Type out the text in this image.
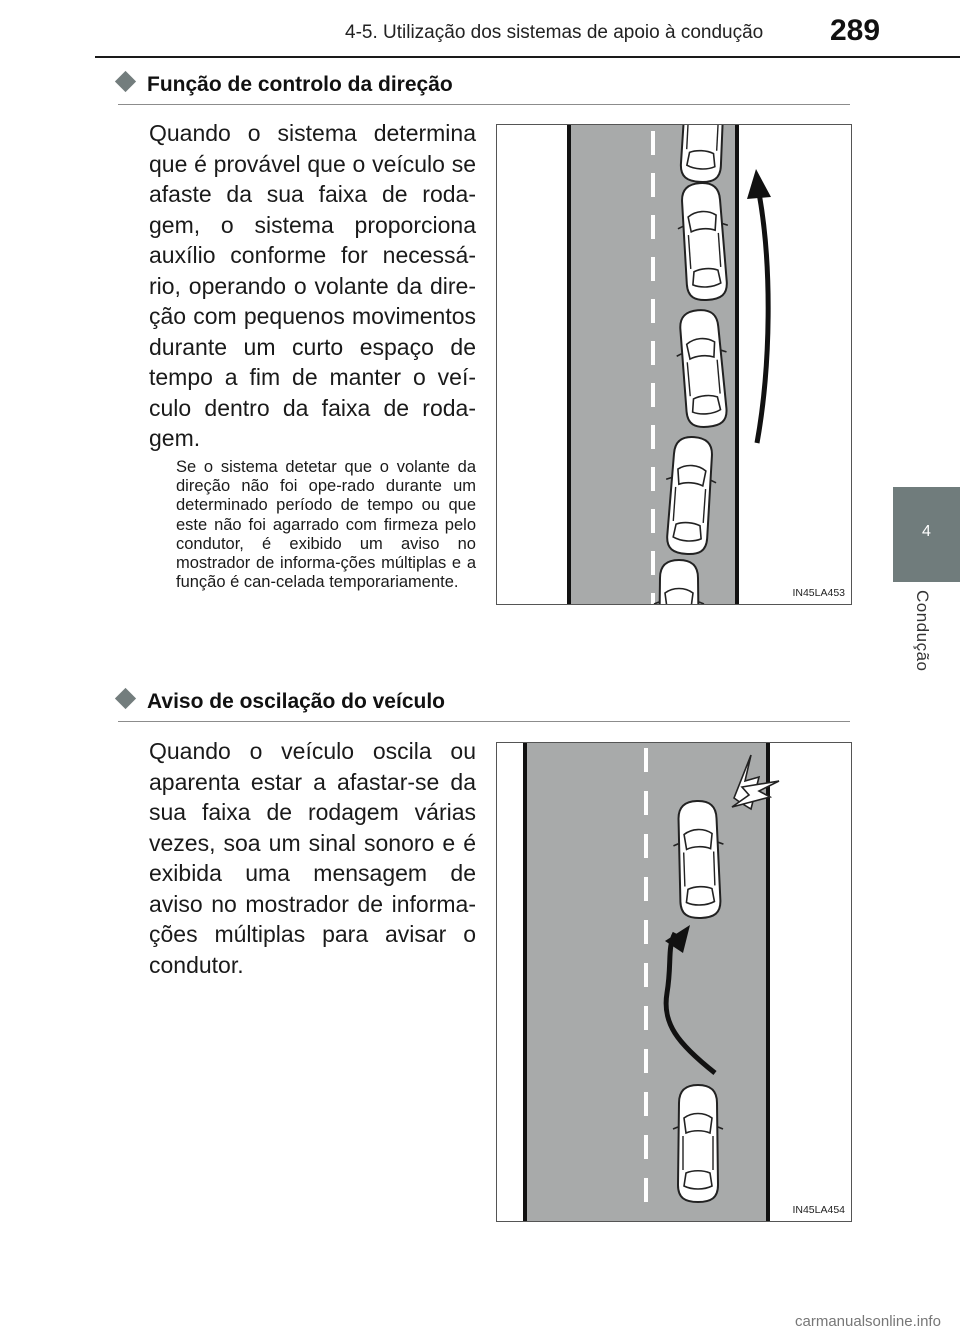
4-5. Utilização dos sistemas de apoio à condução 289
4
Condução
Função de controlo da direção

Quando o sistema determina que é provável que o veículo se afaste da sua faixa de roda-gem, o sistema proporciona auxílio conforme for necessá-rio, operando o volante da dire-ção com pequenos movimentos durante um curto espaço de tempo a fim de manter o veí-culo dentro da faixa de roda-gem.

Se o sistema detetar que o volante da direção não foi ope-rado durante um determinado período de tempo ou que este não foi agarrado com firmeza pelo condutor, é exibido um aviso no mostrador de informa-ções múltiplas e a função é can-celada temporariamente.

IN45LA453
Aviso de oscilação do veículo

Quando o veículo oscila ou aparenta estar a afastar-se da sua faixa de rodagem várias vezes, soa um sinal sonoro e é exibida uma mensagem de aviso no mostrador de informa-ções múltiplas para avisar o condutor.

IN45LA454
carmanualsonline.info
